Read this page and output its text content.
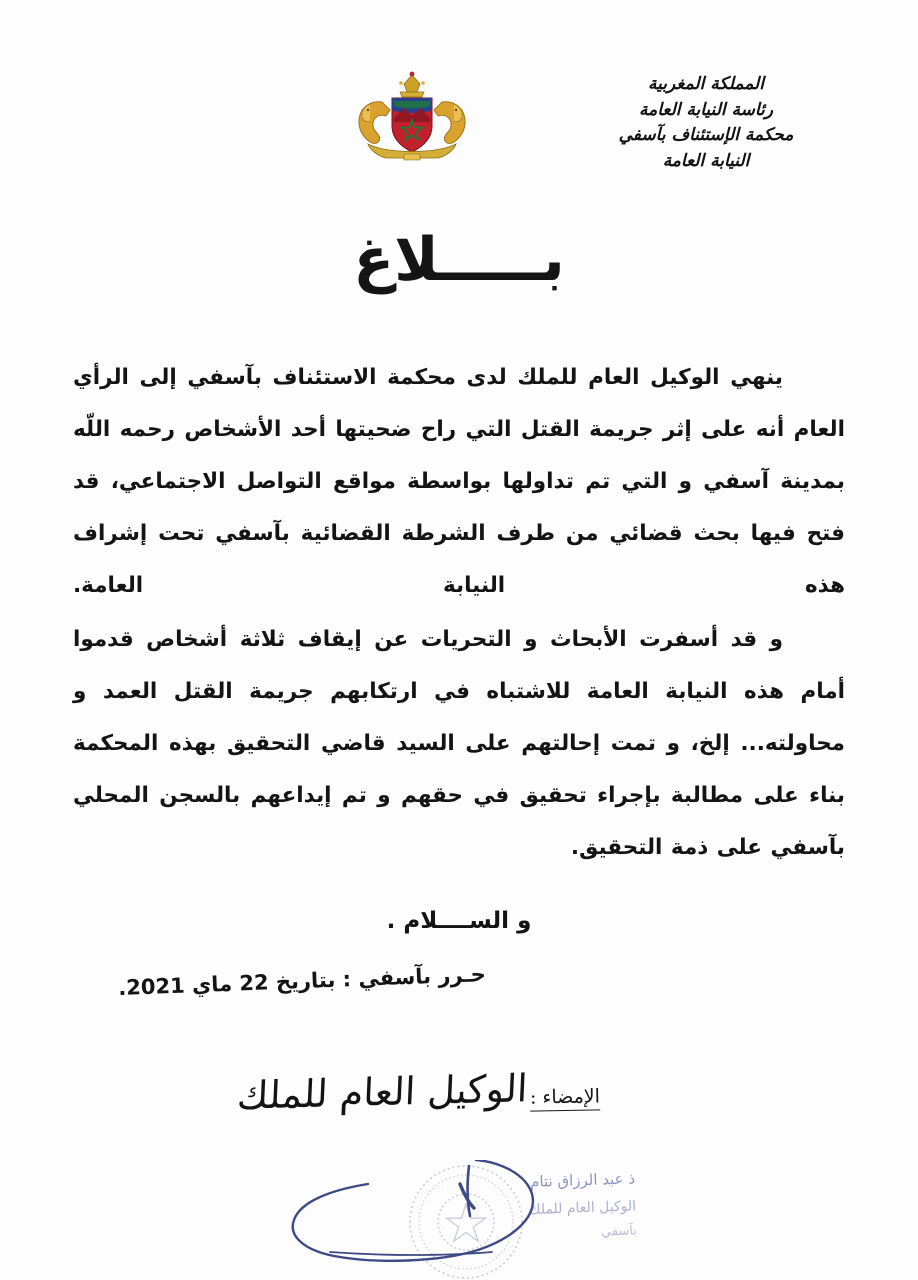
المملكة المغربية
رئاسة النيابة العامة
محكمة الإستئناف بآسفي
النيابة العامة
بـــــلاغ

ينهي الوكيل العام للملك لدى محكمة الاستئناف بآسفي إلى الرأي العام أنه على إثر جريمة القتل التي راح ضحيتها أحد الأشخاص رحمه اللّه بمدينة آسفي و التي تم تداولها بواسطة مواقع التواصل الاجتماعي، قد فتح فيها بحث قضائي من طرف الشرطة القضائية بآسفي تحت إشراف هذه النيابة العامة.

و قد أسفرت الأبحاث و التحريات عن إيقاف ثلاثة أشخاص قدموا أمام هذه النيابة العامة للاشتباه في ارتكابهم جريمة القتل العمد و محاولته... إلخ، و تمت إحالتهم على السيد قاضي التحقيق بهذه المحكمة بناء على مطالبة بإجراء تحقيق في حقهم و تم إيداعهم بالسجن المحلي بآسفي على ذمة التحقيق.

و الســــلام .
حـرر بآسفي : بتاريخ 22 ماي 2021.
الإمضاء :
الوكيل العام للملك
ذ عبد الرزاق نتام
الوكيل العام للملك
بآسفي
